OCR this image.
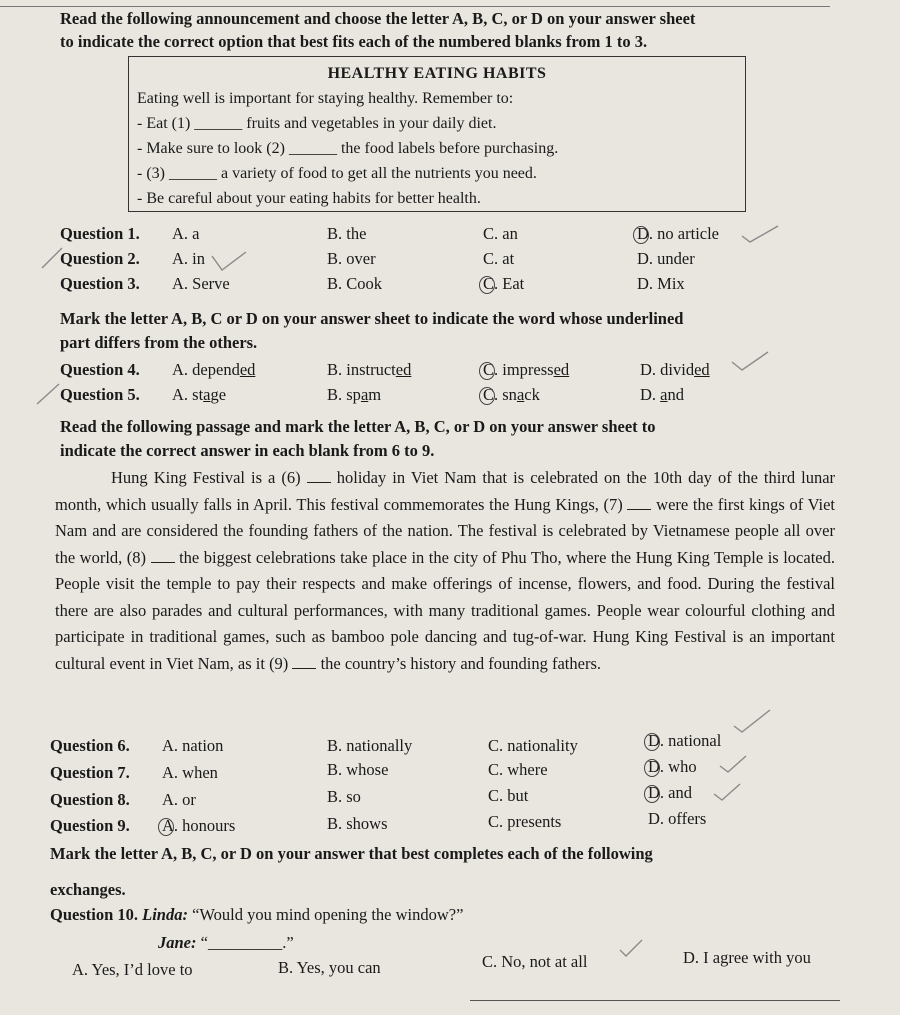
Read the following announcement and choose the letter A, B, C, or D on your answer sheet
to indicate the correct option that best fits each of the numbered blanks from 1 to 3.
HEALTHY EATING HABITS
Eating well is important for staying healthy. Remember to:
- Eat (1) ______ fruits and vegetables in your daily diet.
- Make sure to look (2) ______ the food labels before purchasing.
- (3) ______ a variety of food to get all the nutrients you need.
- Be careful about your eating habits for better health.
Question 1. A. a	B. the	C. an	D. no article
Question 2. A. in	B. over	C. at	D. under
Question 3. A. Serve	B. Cook	C. Eat	D. Mix
Mark the letter A, B, C or D on your answer sheet to indicate the word whose underlined
part differs from the others.
Question 4. A. depended	B. instructed	C. impressed	D. divided
Question 5. A. stage	B. spam	C. snack	D. and
Read the following passage and mark the letter A, B, C, or D on your answer sheet to
indicate the correct answer in each blank from 6 to 9.

Hung King Festival is a (6) holiday in Viet Nam that is celebrated on the 10th day of the third lunar month, which usually falls in April. This festival commemorates the Hung Kings, (7) were the first kings of Viet Nam and are considered the founding fathers of the nation. The festival is celebrated by Vietnamese people all over the world, (8) the biggest celebrations take place in the city of Phu Tho, where the Hung King Temple is located. People visit the temple to pay their respects and make offerings of incense, flowers, and food. During the festival there are also parades and cultural performances, with many traditional games. People wear colourful clothing and participate in traditional games, such as bamboo pole dancing and tug-of-war. Hung King Festival is an important cultural event in Viet Nam, as it (9) the country’s history and founding fathers.

Question 6. A. nation	B. nationally	C. nationality	D. national
Question 7. A. when	B. whose	C. where	D. who
Question 8. A. or	B. so	C. but	D. and
Question 9. A. honours	B. shows	C. presents	D. offers
Mark the letter A, B, C, or D on your answer that best completes each of the following
exchanges.
Question 10. Linda: “Would you mind opening the window?”
Jane: “_________.”
A. Yes, I’d love to	B. Yes, you can	C. No, not at all	D. I agree with you
